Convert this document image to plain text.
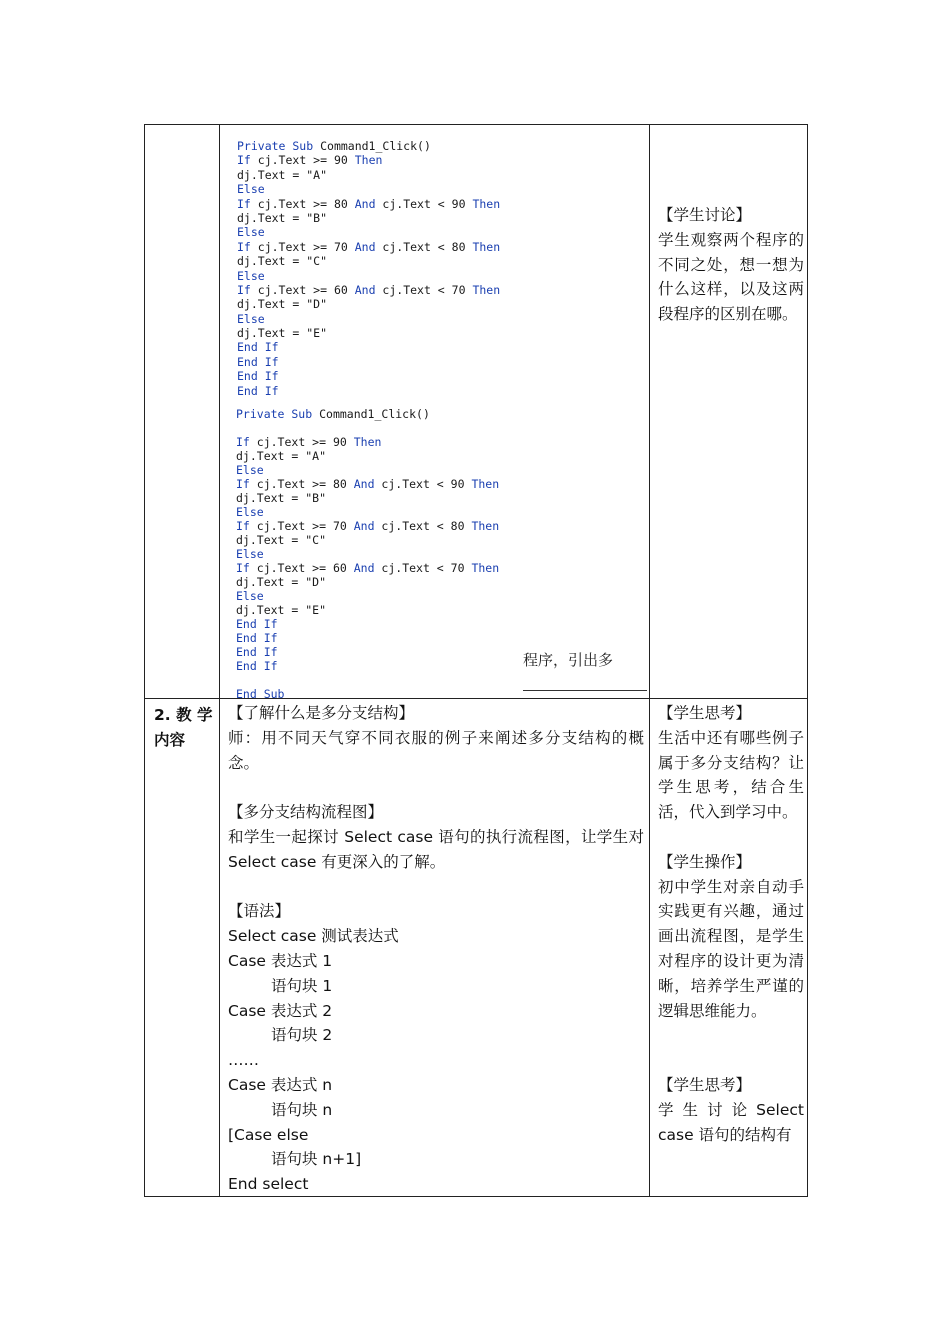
Private Sub Command1_Click()
If cj.Text >= 90 Then
dj.Text = "A"
Else
If cj.Text >= 80 And cj.Text < 90 Then
dj.Text = "B"
Else
If cj.Text >= 70 And cj.Text < 80 Then
dj.Text = "C"
Else
If cj.Text >= 60 And cj.Text < 70 Then
dj.Text = "D"
Else
dj.Text = "E"
End If
End If
End If
End If
Private Sub Command1_Click()
If cj.Text >= 90 Then
dj.Text = "A"
Else
If cj.Text >= 80 And cj.Text < 90 Then
dj.Text = "B"
Else
If cj.Text >= 70 And cj.Text < 80 Then
dj.Text = "C"
Else
If cj.Text >= 60 And cj.Text < 70 Then
dj.Text = "D"
Else
dj.Text = "E"
End If
End If
End If
End If
End Sub
程序，引出多
【学生讨论】
学生观察两个程序的不同之处，想一想为什么这样，以及这两段程序的区别在哪。
2. 教 学
内容
【了解什么是多分支结构】
师：用不同天气穿不同衣服的例子来阐述多分支结构的概念。
【多分支结构流程图】
和学生一起探讨 Select case 语句的执行流程图，让学生对 Select case 有更深入的了解。
【语法】
Select case 测试表达式
Case 表达式 1
语句块 1
Case 表达式 2
语句块 2
……
Case 表达式 n
语句块 n
[Case else
语句块 n+1]
End select
【学生思考】
生活中还有哪些例子属于多分支结构？让学生思考，结合生活，代入到学习中。
【学生操作】
初中学生对亲自动手实践更有兴趣，通过画出流程图，是学生对程序的设计更为清晰，培养学生严谨的逻辑思维能力。
【学生思考】
学 生 讨 论 Select case 语句的结构有
